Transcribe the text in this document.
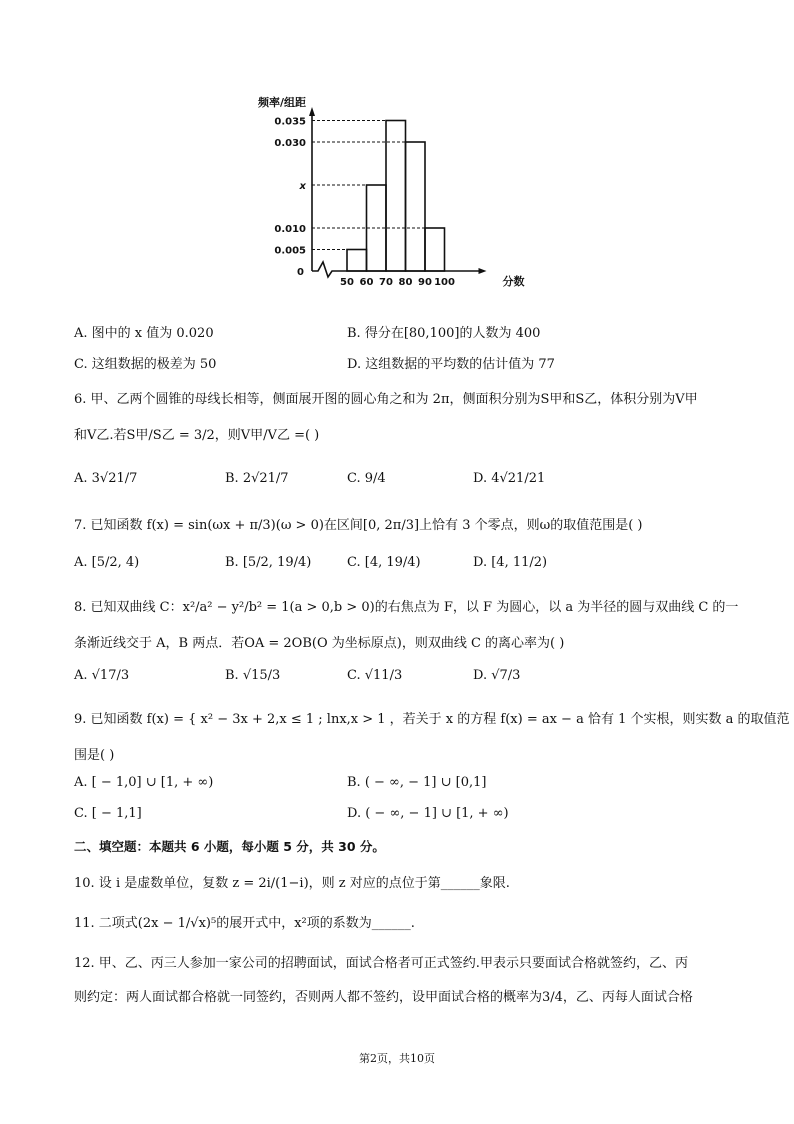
频率/组距
分数
0.005
0.010
x
0.030
0.035
0
50 60 70 80 90 100
A. 图中的 x 值为 0.020	B. 得分在[80,100]的人数为 400
C. 这组数据的极差为 50	D. 这组数据的平均数的估计值为 77
6. 甲、乙两个圆锥的母线长相等，侧面展开图的圆心角之和为 2π，侧面积分别为S甲和S乙，体积分别为V甲
和V乙.若S甲/S乙 = 3/2，则V甲/V乙 =( )
A. 3√21/7	B. 2√21/7	C. 9/4	D. 4√21/21
7. 已知函数 f(x) = sin(ωx + π/3)(ω > 0)在区间[0, 2π/3]上恰有 3 个零点，则ω的取值范围是( )
A. [5/2, 4)	B. [5/2, 19/4)	C. [4, 19/4)	D. [4, 11/2)
8. 已知双曲线 C：x²/a² − y²/b² = 1(a > 0,b > 0)的右焦点为 F，以 F 为圆心，以 a 为半径的圆与双曲线 C 的一
条渐近线交于 A，B 两点．若OA = 2OB(O 为坐标原点)，则双曲线 C 的离心率为( )
A. √17/3	B. √15/3	C. √11/3	D. √7/3
9. 已知函数 f(x) = { x² − 3x + 2,x ≤ 1 ; lnx,x > 1 ，若关于 x 的方程 f(x) = ax − a 恰有 1 个实根，则实数 a 的取值范
围是( )
A. [ − 1,0] ∪ [1, + ∞)	B. ( − ∞, − 1] ∪ [0,1]
C. [ − 1,1]	D. ( − ∞, − 1] ∪ [1, + ∞)
二、填空题：本题共 6 小题，每小题 5 分，共 30 分。
10. 设 i 是虚数单位，复数 z = 2i/(1−i)，则 z 对应的点位于第______象限.
11. 二项式(2x − 1/√x)⁵的展开式中，x²项的系数为______.
12. 甲、乙、丙三人参加一家公司的招聘面试，面试合格者可正式签约.甲表示只要面试合格就签约，乙、丙
则约定：两人面试都合格就一同签约，否则两人都不签约，设甲面试合格的概率为3/4，乙、丙每人面试合格
第2页，共10页
